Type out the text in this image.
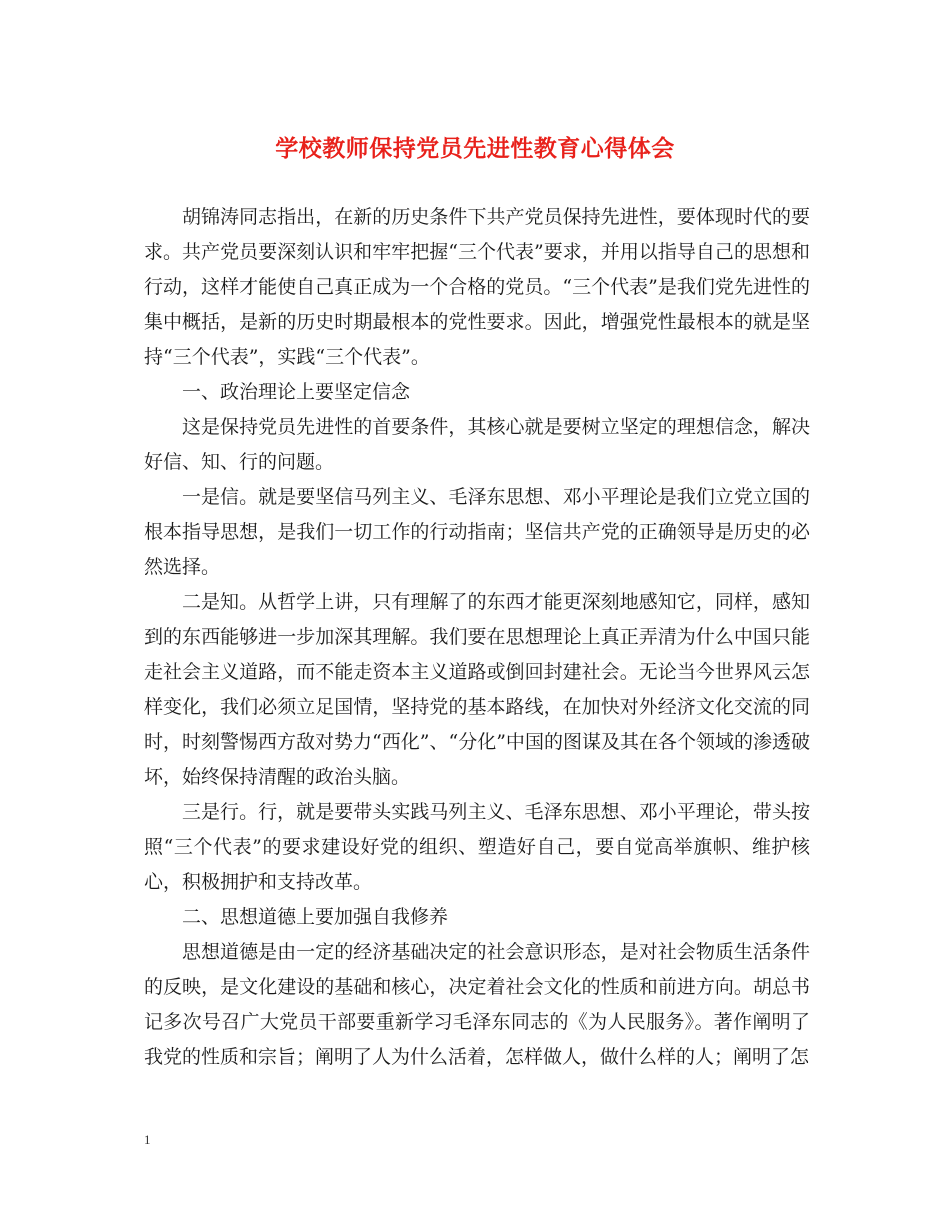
学校教师保持党员先进性教育心得体会

胡锦涛同志指出，在新的历史条件下共产党员保持先进性，要体现时代的要求。共产党员要深刻认识和牢牢把握“三个代表”要求，并用以指导自己的思想和行动，这样才能使自己真正成为一个合格的党员。“三个代表”是我们党先进性的集中概括，是新的历史时期最根本的党性要求。因此，增强党性最根本的就是坚持“三个代表”，实践“三个代表”。

一、政治理论上要坚定信念

这是保持党员先进性的首要条件，其核心就是要树立坚定的理想信念，解决好信、知、行的问题。

一是信。就是要坚信马列主义、毛泽东思想、邓小平理论是我们立党立国的根本指导思想，是我们一切工作的行动指南；坚信共产党的正确领导是历史的必然选择。

二是知。从哲学上讲，只有理解了的东西才能更深刻地感知它，同样，感知到的东西能够进一步加深其理解。我们要在思想理论上真正弄清为什么中国只能走社会主义道路，而不能走资本主义道路或倒回封建社会。无论当今世界风云怎样变化，我们必须立足国情，坚持党的基本路线，在加快对外经济文化交流的同时，时刻警惕西方敌对势力“西化”、“分化”中国的图谋及其在各个领域的渗透破坏，始终保持清醒的政治头脑。

三是行。行，就是要带头实践马列主义、毛泽东思想、邓小平理论，带头按照“三个代表”的要求建设好党的组织、塑造好自己，要自觉高举旗帜、维护核心，积极拥护和支持改革。

二、思想道德上要加强自我修养

思想道德是由一定的经济基础决定的社会意识形态，是对社会物质生活条件的反映，是文化建设的基础和核心，决定着社会文化的性质和前进方向。胡总书记多次号召广大党员干部要重新学习毛泽东同志的《为人民服务》。著作阐明了我党的性质和宗旨；阐明了人为什么活着，怎样做人，做什么样的人；阐明了怎

1
